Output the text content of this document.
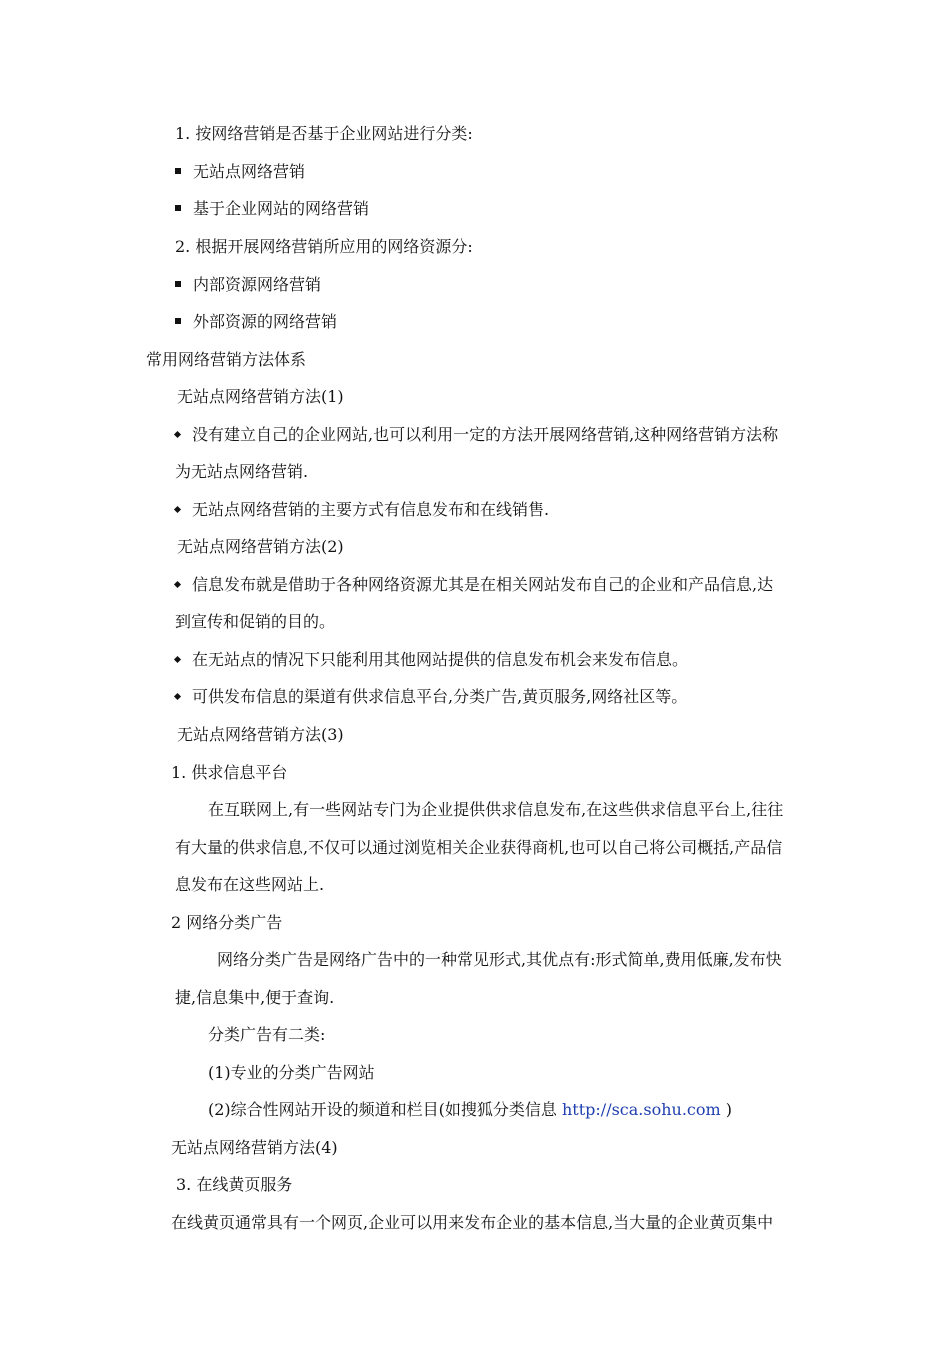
1. 按网络营销是否基于企业网站进行分类:
无站点网络营销
基于企业网站的网络营销
2. 根据开展网络营销所应用的网络资源分:
内部资源网络营销
外部资源的网络营销
常用网络营销方法体系
无站点网络营销方法(1)
没有建立自己的企业网站,也可以利用一定的方法开展网络营销,这种网络营销方法称
为无站点网络营销.
无站点网络营销的主要方式有信息发布和在线销售.
无站点网络营销方法(2)
信息发布就是借助于各种网络资源尤其是在相关网站发布自己的企业和产品信息,达
到宣传和促销的目的。
在无站点的情况下只能利用其他网站提供的信息发布机会来发布信息。
可供发布信息的渠道有供求信息平台,分类广告,黄页服务,网络社区等。
无站点网络营销方法(3)
1. 供求信息平台
在互联网上,有一些网站专门为企业提供供求信息发布,在这些供求信息平台上,往往
有大量的供求信息,不仅可以通过浏览相关企业获得商机,也可以自己将公司概括,产品信
息发布在这些网站上.
2 网络分类广告
网络分类广告是网络广告中的一种常见形式,其优点有:形式简单,费用低廉,发布快
捷,信息集中,便于查询.
分类广告有二类:
(1)专业的分类广告网站
(2)综合性网站开设的频道和栏目(如搜狐分类信息 http://sca.sohu.com )
无站点网络营销方法(4)
3. 在线黄页服务
在线黄页通常具有一个网页,企业可以用来发布企业的基本信息,当大量的企业黄页集中
